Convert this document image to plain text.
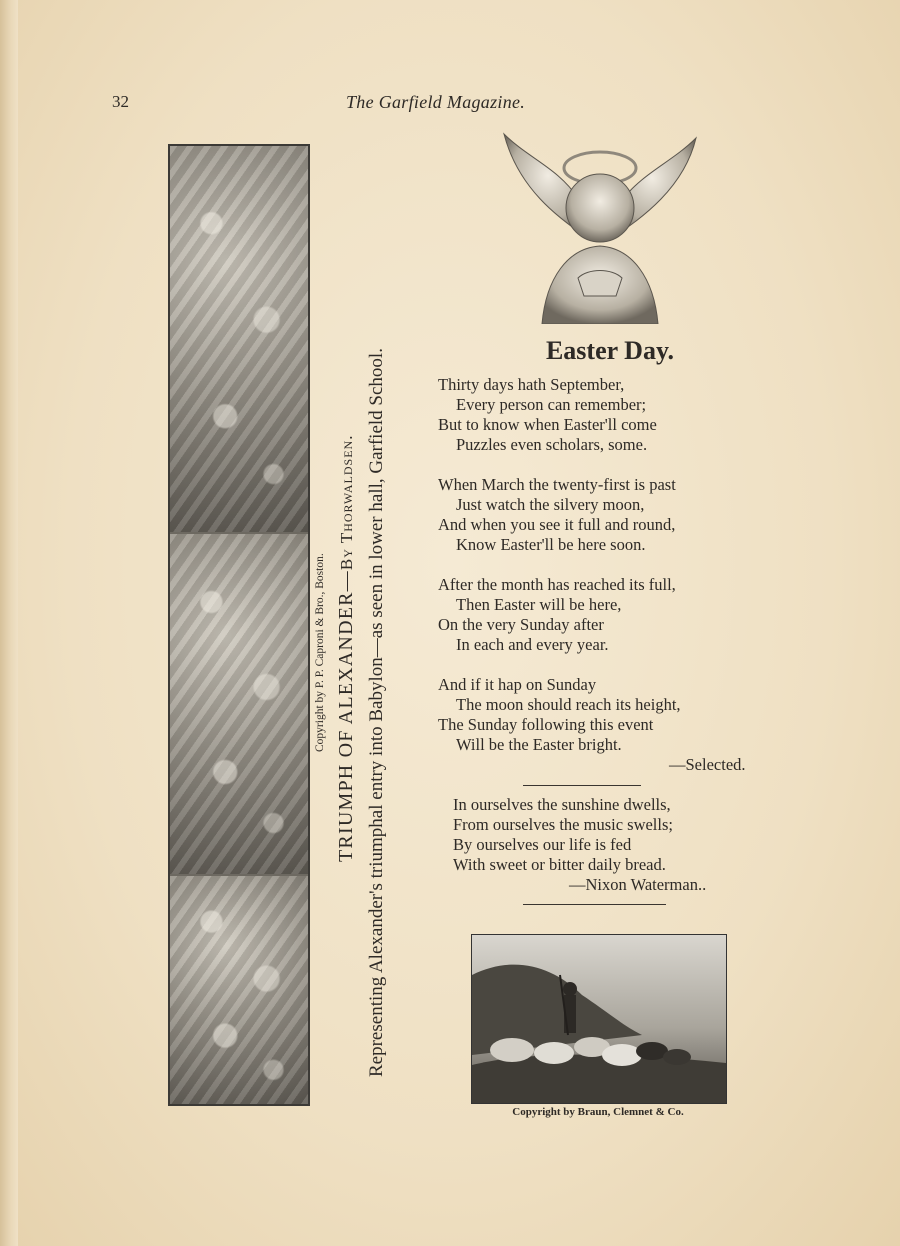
32	The Garfield Magazine.
Copyright by P. P. Caproni & Bro., Boston. TRIUMPH OF ALEXANDER—By Thorwaldsen. Representing Alexander's triumphal entry into Babylon—as seen in lower hall, Garfield School.	Easter Day.
Thirty days hath September,
Every person can remember;
But to know when Easter'll come
Puzzles even scholars, some.
When March the twenty-first is past
Just watch the silvery moon,
And when you see it full and round,
Know Easter'll be here soon.
After the month has reached its full,
Then Easter will be here,
On the very Sunday after
In each and every year.
And if it hap on Sunday
The moon should reach its height,
The Sunday following this event
Will be the Easter bright.
—Selected.
In ourselves the sunshine dwells,
From ourselves the music swells;
By ourselves our life is fed
With sweet or bitter daily bread.
—Nixon Waterman..
Copyright by Braun, Clemnet & Co.
